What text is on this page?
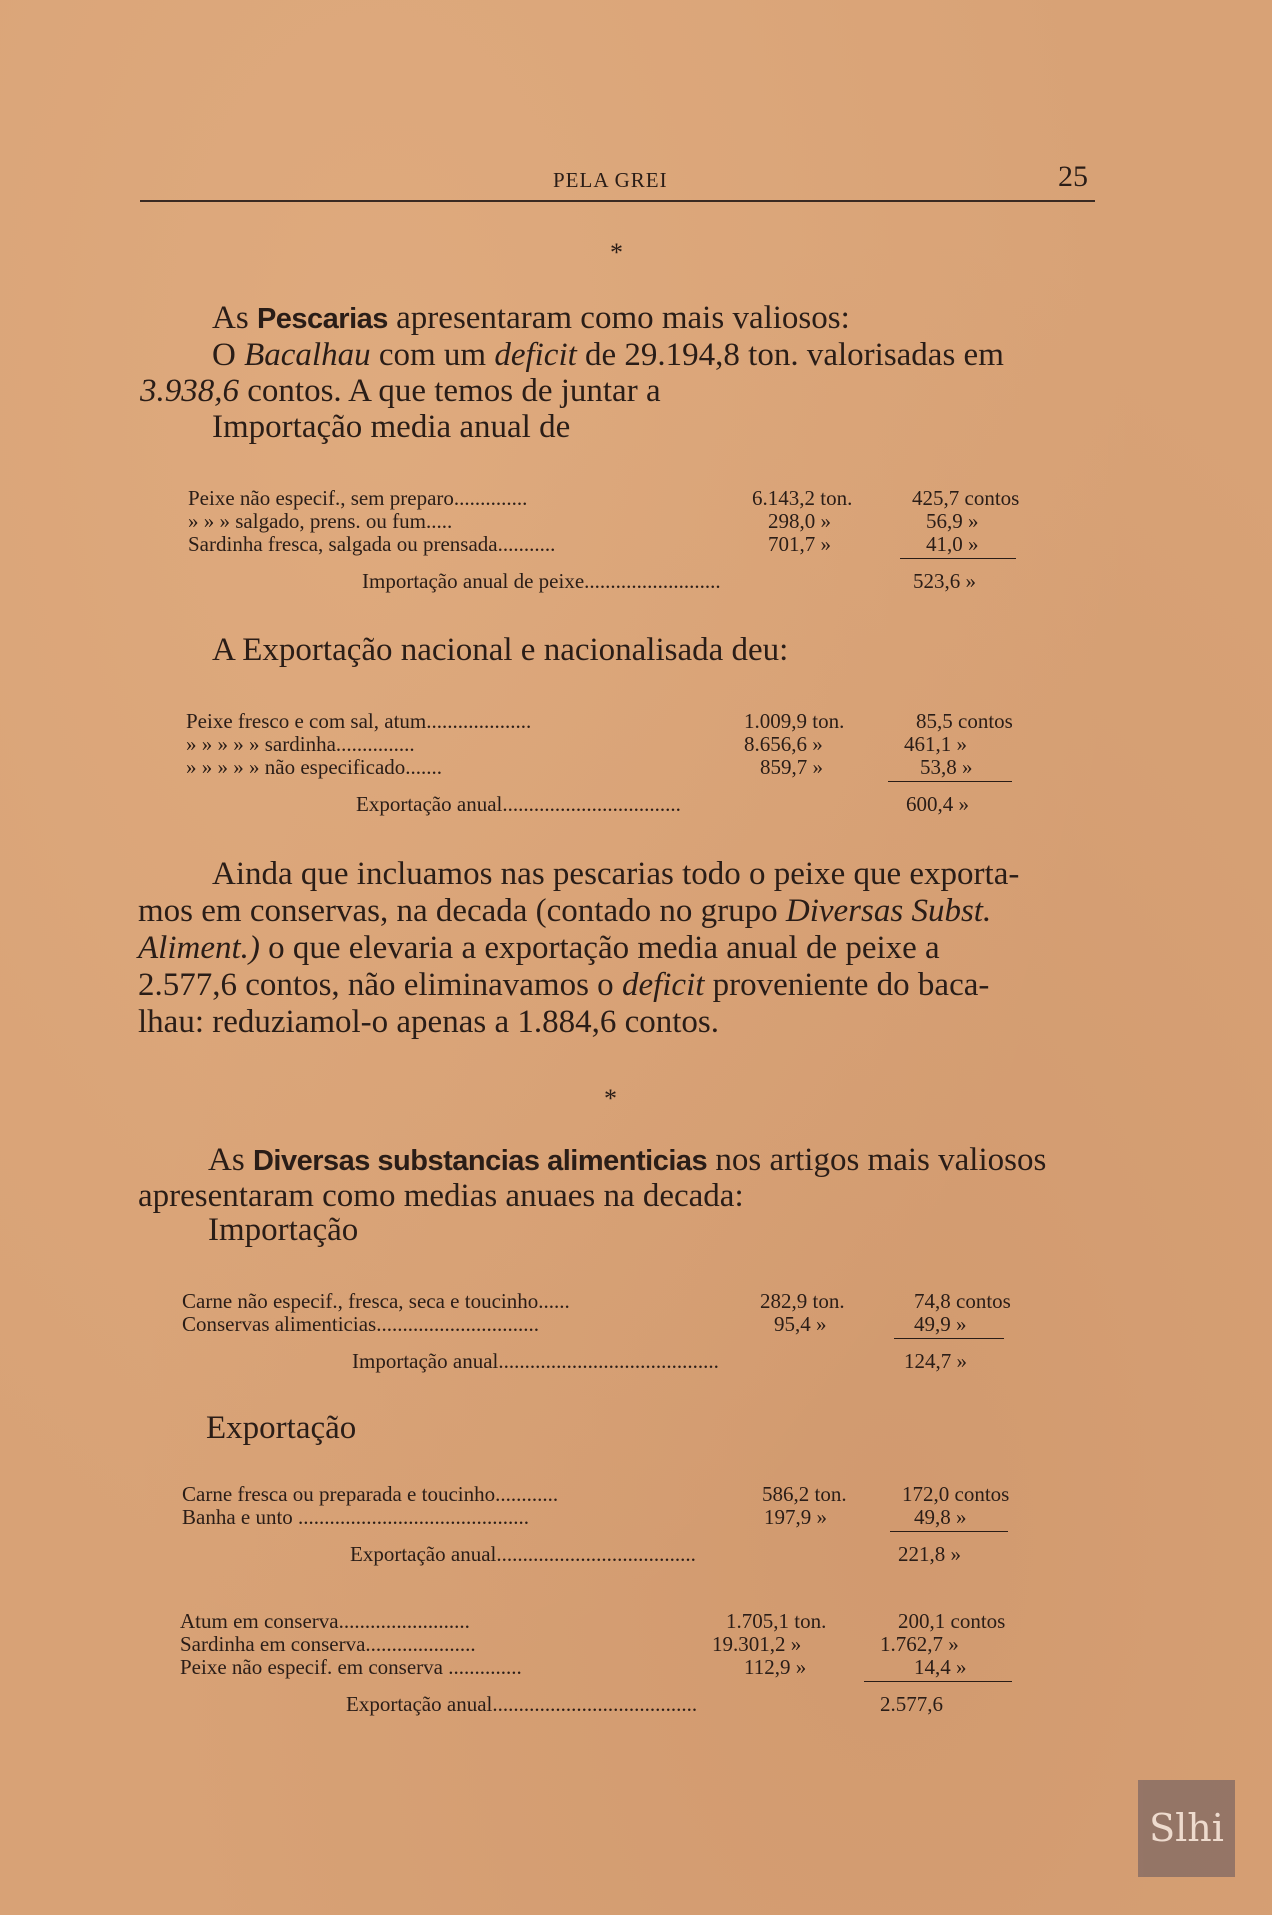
PELA GREI	25
*
As Pescarias apresentaram como mais valiosos:
O Bacalhau com um deficit de 29.194,8 ton. valorisadas em
3.938,6 contos. A que temos de juntar a
Importação media anual de
Peixe não especif., sem preparo..............	6.143,2 ton.	425,7 contos
» » » salgado, prens. ou fum.....	298,0 »	56,9 »
Sardinha fresca, salgada ou prensada...........	701,7 »	41,0 »
Importação anual de peixe..........................	523,6 »
A Exportação nacional e nacionalisada deu:
Peixe fresco e com sal, atum....................	1.009,9 ton.	85,5 contos
» » » » » sardinha...............	8.656,6 »	461,1 »
» » » » » não especificado.......	859,7 »	53,8 »
Exportação anual..................................	600,4 »
Ainda que incluamos nas pescarias todo o peixe que exporta-
mos em conservas, na decada (contado no grupo Diversas Subst.
Aliment.) o que elevaria a exportação media anual de peixe a
2.577,6 contos, não eliminavamos o deficit proveniente do baca-
lhau: reduziamol-o apenas a 1.884,6 contos.
*
As Diversas substancias alimenticias nos artigos mais valiosos
apresentaram como medias anuaes na decada:
Importação
Carne não especif., fresca, seca e toucinho......	282,9 ton.	74,8 contos
Conservas alimenticias...............................	95,4 »	49,9 »
Importação anual..........................................	124,7 »
Exportação
Carne fresca ou preparada e toucinho............	586,2 ton.	172,0 contos
Banha e unto ............................................	197,9 »	49,8 »
Exportação anual......................................	221,8 »
Atum em conserva.........................	1.705,1 ton.	200,1 contos
Sardinha em conserva.....................	19.301,2 »	1.762,7 »
Peixe não especif. em conserva ..............	112,9 »	14,4 »
Exportação anual.......................................	2.577,6
Slhi
